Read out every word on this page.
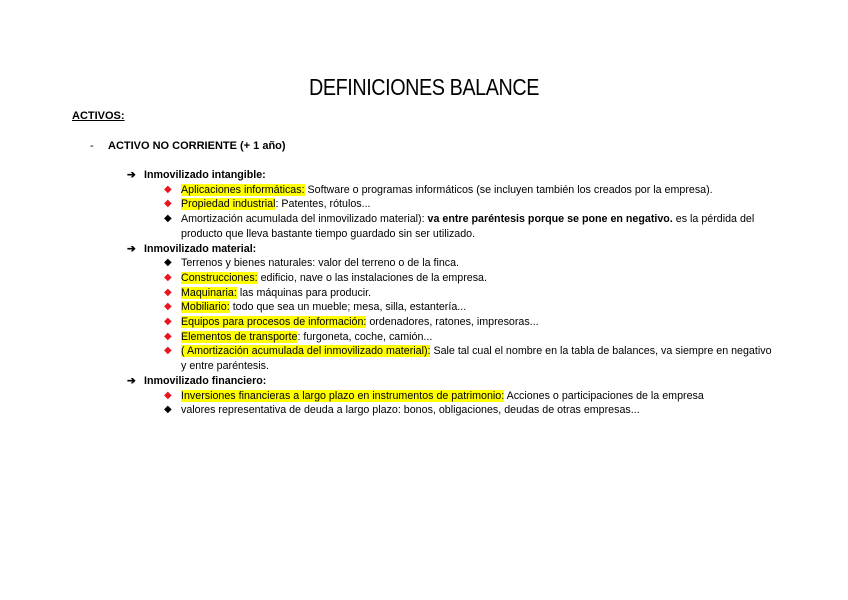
DEFINICIONES BALANCE
ACTIVOS:
- ACTIVO NO CORRIENTE (+ 1 año)
➔ Inmovilizado intangible:
◆ Aplicaciones informáticas: Software o programas informáticos (se incluyen también los creados por la empresa).
◆ Propiedad industrial: Patentes, rótulos...
◆ Amortización acumulada del inmovilizado material): va entre paréntesis porque se pone en negativo. es la pérdida del producto que lleva bastante tiempo guardado sin ser utilizado.
➔ Inmovilizado material:
◆ Terrenos y bienes naturales: valor del terreno o de la finca.
◆ Construcciones: edificio, nave o las instalaciones de la empresa.
◆ Maquinaria: las máquinas para producir.
◆ Mobiliario: todo que sea un mueble; mesa, silla, estantería...
◆ Equipos para procesos de información: ordenadores, ratones, impresoras...
◆ Elementos de transporte: furgoneta, coche, camión...
◆ ( Amortización acumulada del inmovilizado material): Sale tal cual el nombre en la tabla de balances, va siempre en negativo y entre paréntesis.
➔ Inmovilizado financiero:
◆ Inversiones financieras a largo plazo en instrumentos de patrimonio: Acciones o participaciones de la empresa
◆ valores representativa de deuda a largo plazo: bonos, obligaciones, deudas de otras empresas...
